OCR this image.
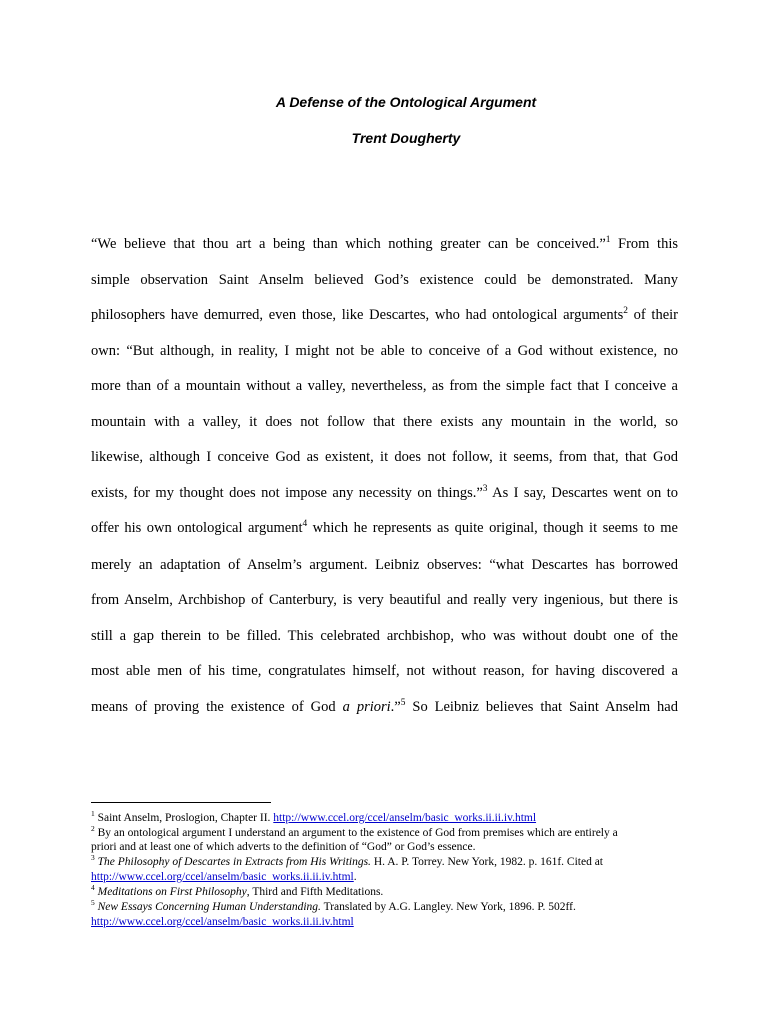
A Defense of the Ontological Argument
Trent Dougherty
“We believe that thou art a being than which nothing greater can be conceived.”$^1$ From this
simple observation Saint Anselm believed God’s existence could be demonstrated. Many
philosophers have demurred, even those, like Descartes, who had ontological arguments$^2$ of their
own: “But although, in reality, I might not be able to conceive of a God without existence, no
more than of a mountain without a valley, nevertheless, as from the simple fact that I conceive a
mountain with a valley, it does not follow that there exists any mountain in the world, so
likewise, although I conceive God as existent, it does not follow, it seems, from that, that God
exists, for my thought does not impose any necessity on things.”$^3$ As I say, Descartes went on to
offer his own ontological argument$^4$ which he represents as quite original, though it seems to me
merely an adaptation of Anselm’s argument. Leibniz observes: “what Descartes has borrowed
from Anselm, Archbishop of Canterbury, is very beautiful and really very ingenious, but there is
still a gap therein to be filled. This celebrated archbishop, who was without doubt one of the
most able men of his time, congratulates himself, not without reason, for having discovered a
means of proving the existence of God a priori.”$^5$ So Leibniz believes that Saint Anselm had
$^1$ Saint Anselm, Proslogion, Chapter II. http://www.ccel.org/ccel/anselm/basic_works.ii.ii.iv.html
$^2$ By an ontological argument I understand an argument to the existence of God from premises which are entirely a
priori and at least one of which adverts to the definition of “God” or God’s essence.
$^3$ The Philosophy of Descartes in Extracts from His Writings. H. A. P. Torrey. New York, 1982. p. 161f. Cited at
http://www.ccel.org/ccel/anselm/basic_works.ii.ii.iv.html.
$^4$ Meditations on First Philosophy, Third and Fifth Meditations.
$^5$ New Essays Concerning Human Understanding. Translated by A.G. Langley. New York, 1896. P. 502ff.
http://www.ccel.org/ccel/anselm/basic_works.ii.ii.iv.html
